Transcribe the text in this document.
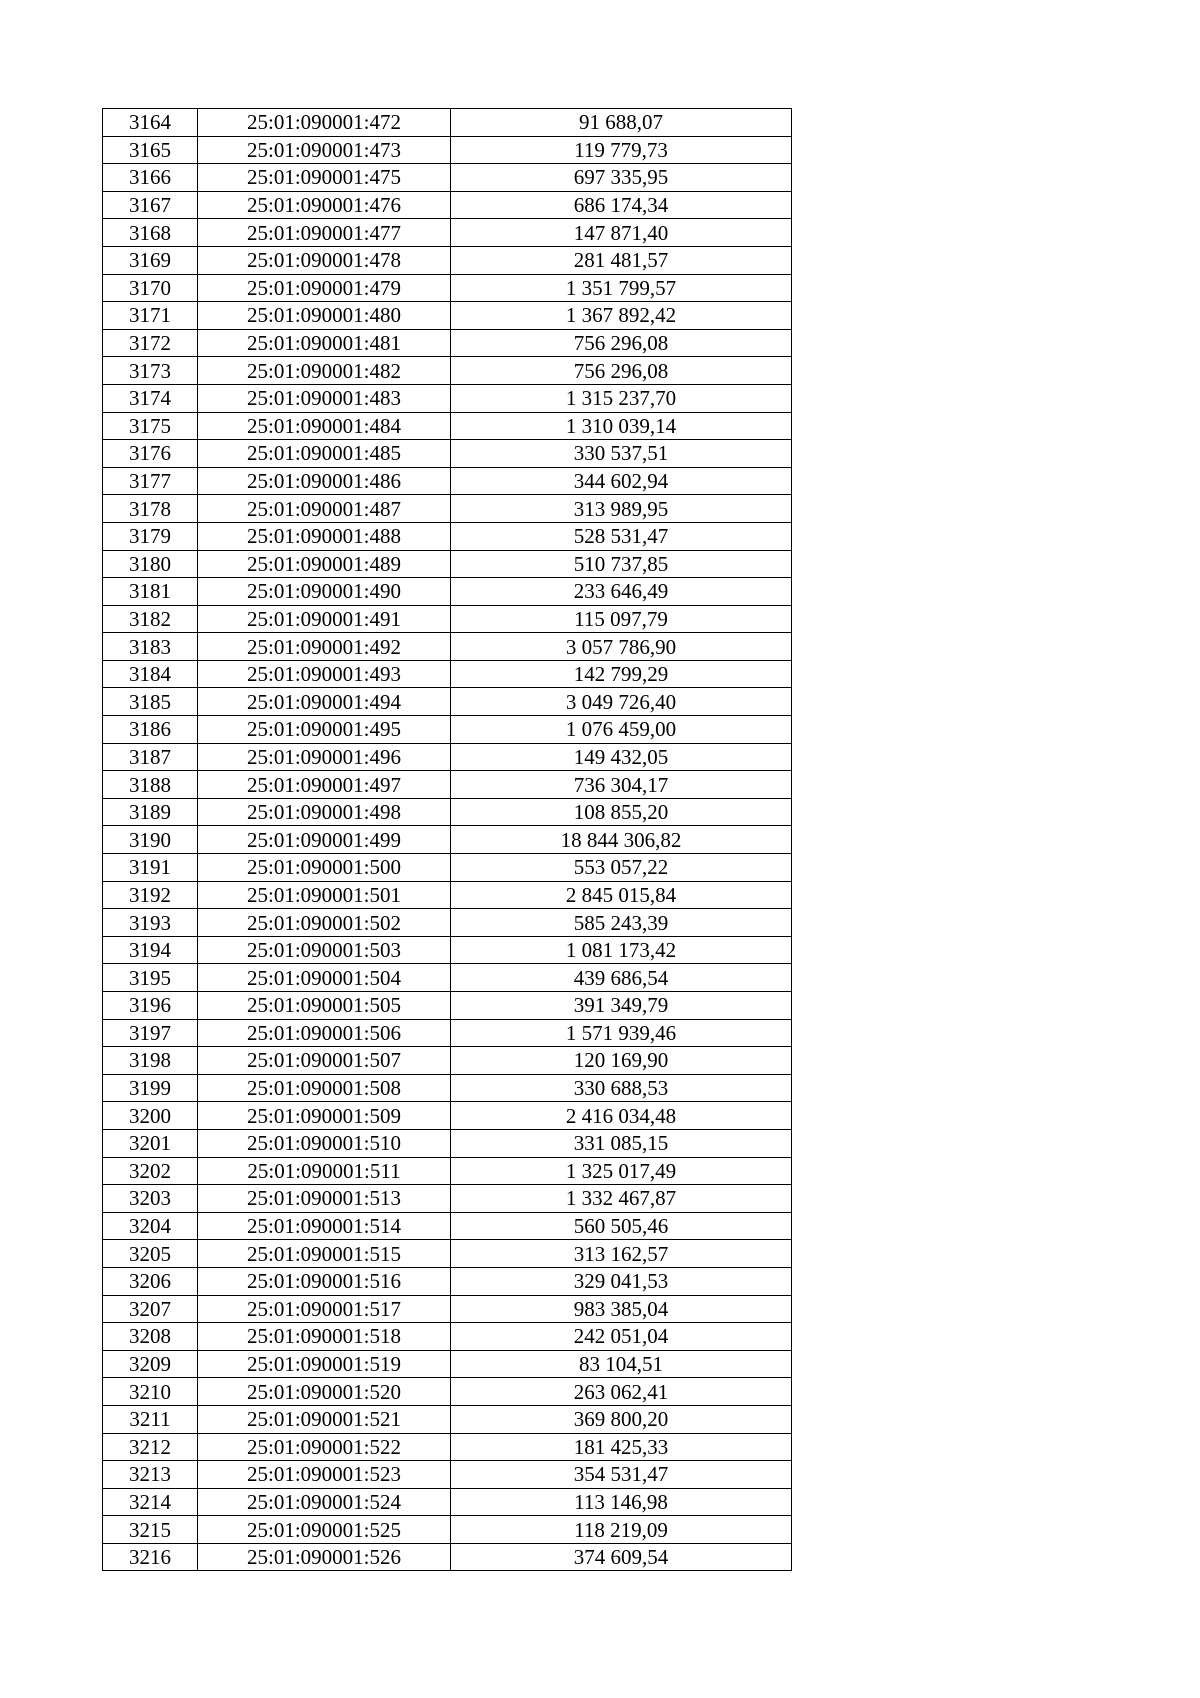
3164	25:01:090001:472	91 688,07
3165	25:01:090001:473	119 779,73
3166	25:01:090001:475	697 335,95
3167	25:01:090001:476	686 174,34
3168	25:01:090001:477	147 871,40
3169	25:01:090001:478	281 481,57
3170	25:01:090001:479	1 351 799,57
3171	25:01:090001:480	1 367 892,42
3172	25:01:090001:481	756 296,08
3173	25:01:090001:482	756 296,08
3174	25:01:090001:483	1 315 237,70
3175	25:01:090001:484	1 310 039,14
3176	25:01:090001:485	330 537,51
3177	25:01:090001:486	344 602,94
3178	25:01:090001:487	313 989,95
3179	25:01:090001:488	528 531,47
3180	25:01:090001:489	510 737,85
3181	25:01:090001:490	233 646,49
3182	25:01:090001:491	115 097,79
3183	25:01:090001:492	3 057 786,90
3184	25:01:090001:493	142 799,29
3185	25:01:090001:494	3 049 726,40
3186	25:01:090001:495	1 076 459,00
3187	25:01:090001:496	149 432,05
3188	25:01:090001:497	736 304,17
3189	25:01:090001:498	108 855,20
3190	25:01:090001:499	18 844 306,82
3191	25:01:090001:500	553 057,22
3192	25:01:090001:501	2 845 015,84
3193	25:01:090001:502	585 243,39
3194	25:01:090001:503	1 081 173,42
3195	25:01:090001:504	439 686,54
3196	25:01:090001:505	391 349,79
3197	25:01:090001:506	1 571 939,46
3198	25:01:090001:507	120 169,90
3199	25:01:090001:508	330 688,53
3200	25:01:090001:509	2 416 034,48
3201	25:01:090001:510	331 085,15
3202	25:01:090001:511	1 325 017,49
3203	25:01:090001:513	1 332 467,87
3204	25:01:090001:514	560 505,46
3205	25:01:090001:515	313 162,57
3206	25:01:090001:516	329 041,53
3207	25:01:090001:517	983 385,04
3208	25:01:090001:518	242 051,04
3209	25:01:090001:519	83 104,51
3210	25:01:090001:520	263 062,41
3211	25:01:090001:521	369 800,20
3212	25:01:090001:522	181 425,33
3213	25:01:090001:523	354 531,47
3214	25:01:090001:524	113 146,98
3215	25:01:090001:525	118 219,09
3216	25:01:090001:526	374 609,54
